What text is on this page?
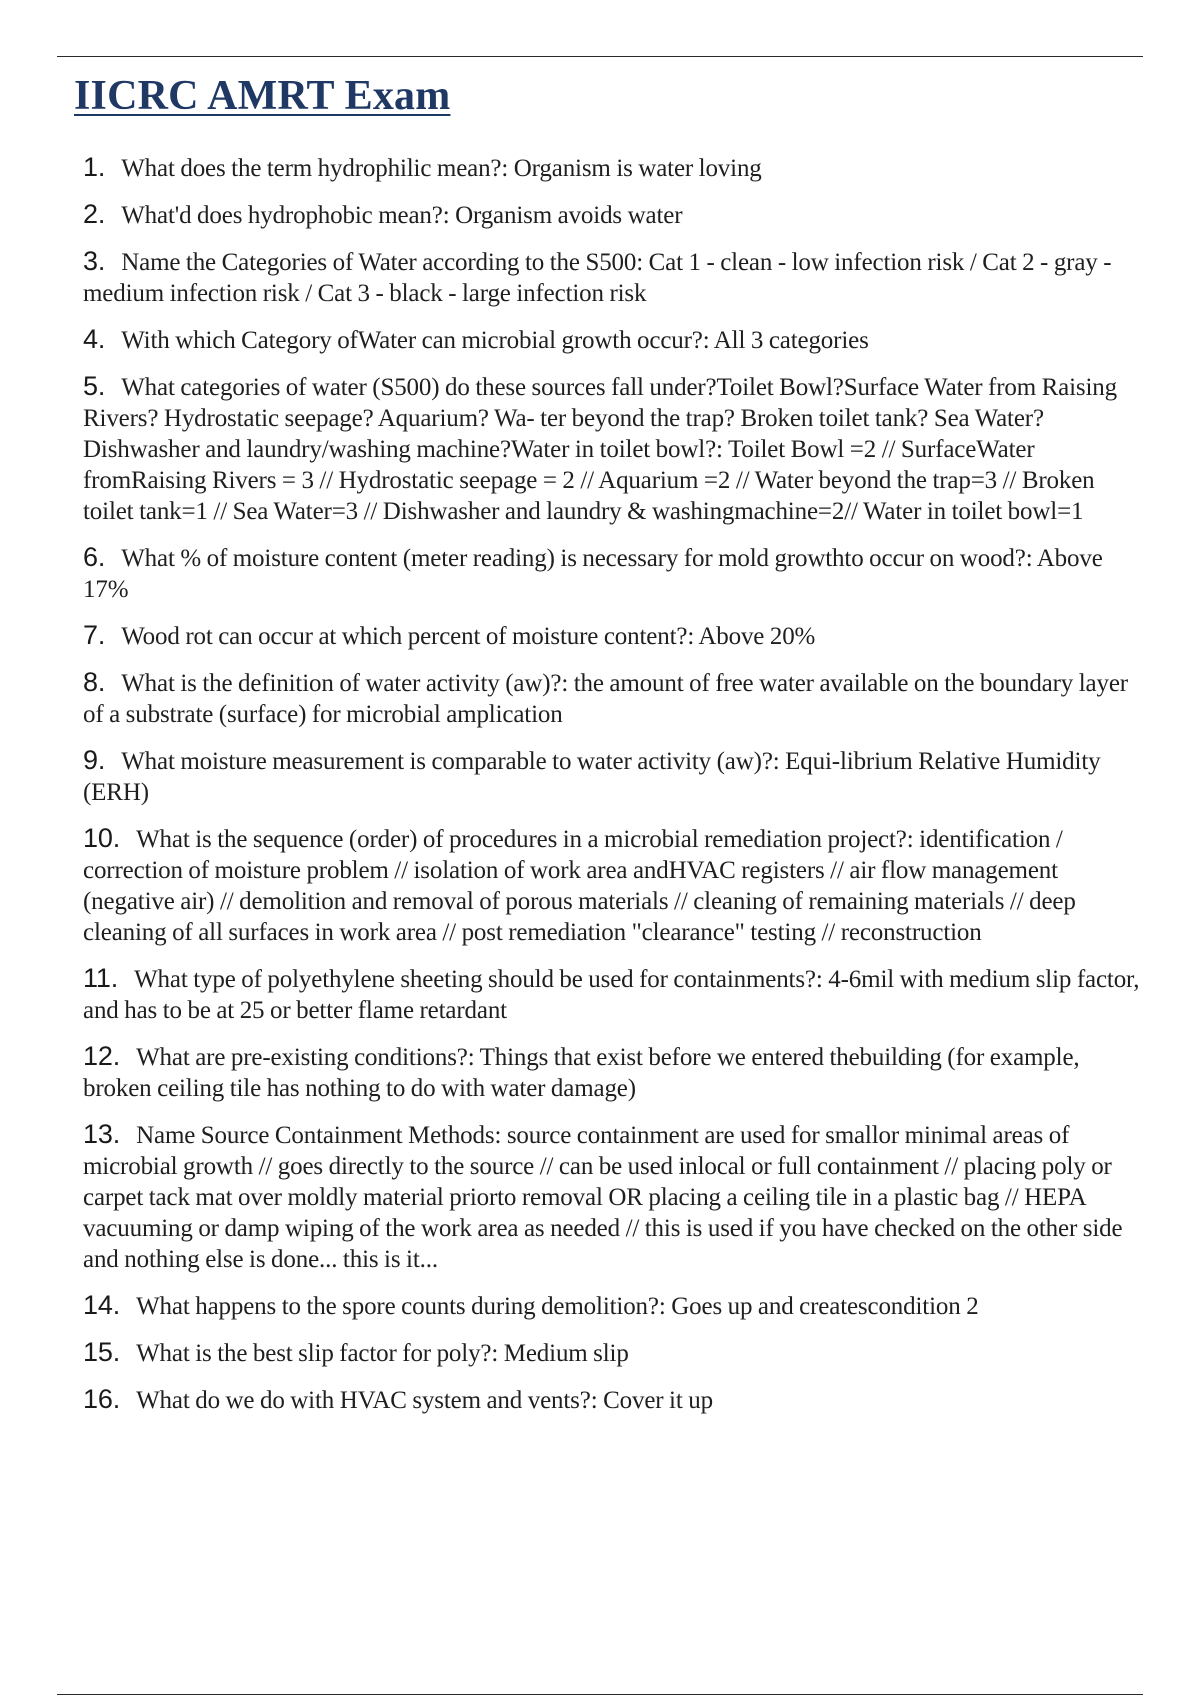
IICRC AMRT Exam
1. What does the term hydrophilic mean?: Organism is water loving
2. What'd does hydrophobic mean?: Organism avoids water
3. Name the Categories of Water according to the S500: Cat 1 - clean - low infection risk / Cat 2 - gray - medium infection risk / Cat 3 - black - large infection risk
4. With which Category ofWater can microbial growth occur?: All 3 categories
5. What categories of water (S500) do these sources fall under?Toilet Bowl?Surface Water from Raising Rivers? Hydrostatic seepage? Aquarium? Wa- ter beyond the trap? Broken toilet tank? Sea Water? Dishwasher and laundry/washing machine?Water in toilet bowl?: Toilet Bowl =2 // SurfaceWater fromRaising Rivers = 3 // Hydrostatic seepage = 2 // Aquarium =2 // Water beyond the trap=3 // Broken toilet tank=1 // Sea Water=3 // Dishwasher and laundry & washingmachine=2// Water in toilet bowl=1
6. What % of moisture content (meter reading) is necessary for mold growthto occur on wood?: Above 17%
7. Wood rot can occur at which percent of moisture content?: Above 20%
8. What is the definition of water activity (aw)?: the amount of free water available on the boundary layer of a substrate (surface) for microbial amplication
9. What moisture measurement is comparable to water activity (aw)?: Equi-librium Relative Humidity (ERH)
10. What is the sequence (order) of procedures in a microbial remediation project?: identification / correction of moisture problem // isolation of work area andHVAC registers // air flow management (negative air) // demolition and removal of porous materials // cleaning of remaining materials // deep cleaning of all surfaces in work area // post remediation "clearance" testing // reconstruction
11. What type of polyethylene sheeting should be used for containments?: 4-6mil with medium slip factor, and has to be at 25 or better flame retardant
12. What are pre-existing conditions?: Things that exist before we entered thebuilding (for example, broken ceiling tile has nothing to do with water damage)
13. Name Source Containment Methods: source containment are used for smallor minimal areas of microbial growth // goes directly to the source // can be used inlocal or full containment // placing poly or carpet tack mat over moldly material priorto removal OR placing a ceiling tile in a plastic bag // HEPA vacuuming or damp wiping of the work area as needed // this is used if you have checked on the other side and nothing else is done... this is it...
14. What happens to the spore counts during demolition?: Goes up and createscondition 2
15. What is the best slip factor for poly?: Medium slip
16. What do we do with HVAC system and vents?: Cover it up
